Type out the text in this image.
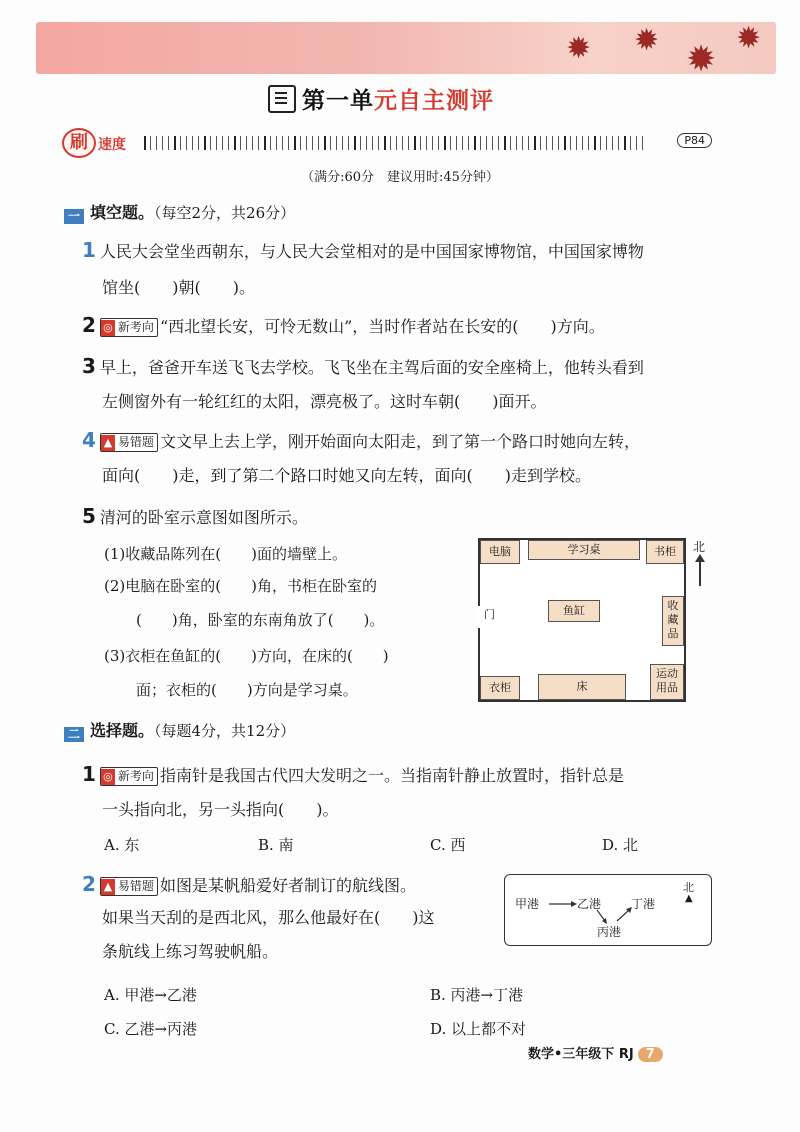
✹ ✹ ✹
✹
第一单元自主测评
刷 速度	P84
（满分:60分　建议用时:45分钟）
一 填空题。（每空2分，共26分）
1 人民大会堂坐西朝东，与人民大会堂相对的是中国国家博物馆，中国国家博物
馆坐(　　)朝(　　)。
2 ◎ 新考向 “西北望长安，可怜无数山”，当时作者站在长安的(　　)方向。
3 早上，爸爸开车送飞飞去学校。飞飞坐在主驾后面的安全座椅上，他转头看到
左侧窗外有一轮红红的太阳，漂亮极了。这时车朝(　　)面开。
4 ▲ 易错题 文文早上去上学，刚开始面向太阳走，到了第一个路口时她向左转，
面向(　　)走，到了第二个路口时她又向左转，面向(　　)走到学校。
5 清河的卧室示意图如图所示。
(1)收藏品陈列在(　　)面的墙壁上。
(2)电脑在卧室的(　　)角，书柜在卧室的
(　　)角，卧室的东南角放了(　　)。
(3)衣柜在鱼缸的(　　)方向，在床的(　　)
面；衣柜的(　　)方向是学习桌。
电脑	学习桌	书柜
鱼缸	收藏品
运动用品
衣柜	床
门
北
二 选择题。（每题4分，共12分）
1 ◎ 新考向 指南针是我国古代四大发明之一。当指南针静止放置时，指针总是
一头指向北，另一头指向(　　)。
A. 东	B. 南	C. 西	D. 北
2 ▲ 易错题 如图是某帆船爱好者制订的航线图。
如果当天刮的是西北风，那么他最好在(　　)这
条航线上练习驾驶帆船。
甲港	乙港 丁港
丙港
北
▲
A. 甲港→乙港	B. 丙港→丁港
C. 乙港→丙港	D. 以上都不对
数学•三年级下 RJ 7
